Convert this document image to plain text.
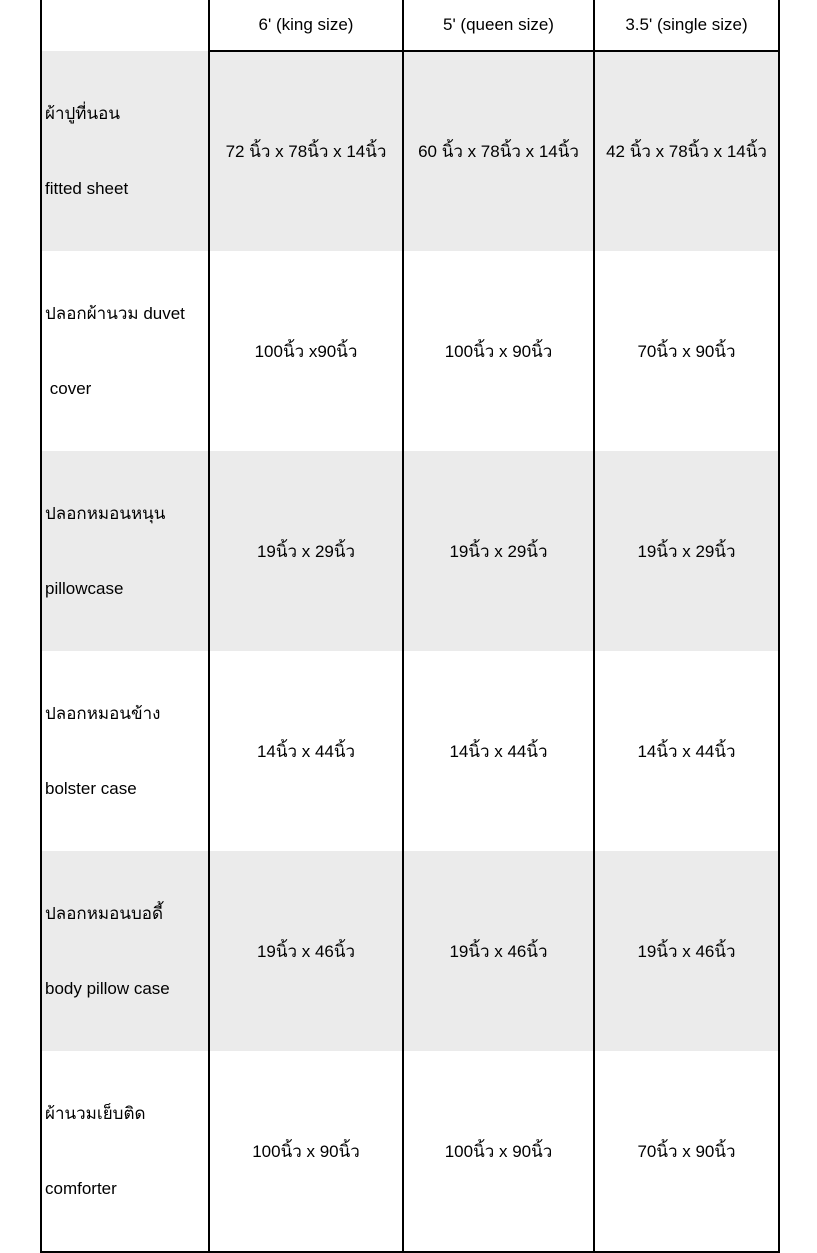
	6' (king size)	5' (queen size)	3.5' (single size)

ผ้าปูที่นอน

fitted sheet	72 นิ้ว x 78นิ้ว x 14นิ้ว	60 นิ้ว x 78นิ้ว x 14นิ้ว	42 นิ้ว x 78นิ้ว x 14นิ้ว

ปลอกผ้านวม duvet

cover	100นิ้ว x90นิ้ว	100นิ้ว x 90นิ้ว	70นิ้ว x 90นิ้ว

ปลอกหมอนหนุน

pillowcase	19นิ้ว x 29นิ้ว	19นิ้ว x 29นิ้ว	19นิ้ว x 29นิ้ว

ปลอกหมอนข้าง

bolster case	14นิ้ว x 44นิ้ว	14นิ้ว x 44นิ้ว	14นิ้ว x 44นิ้ว

ปลอกหมอนบอดี้

body pillow case	19นิ้ว x 46นิ้ว	19นิ้ว x 46นิ้ว	19นิ้ว x 46นิ้ว

ผ้านวมเย็บติด

comforter	100นิ้ว x 90นิ้ว	100นิ้ว x 90นิ้ว	70นิ้ว x 90นิ้ว
